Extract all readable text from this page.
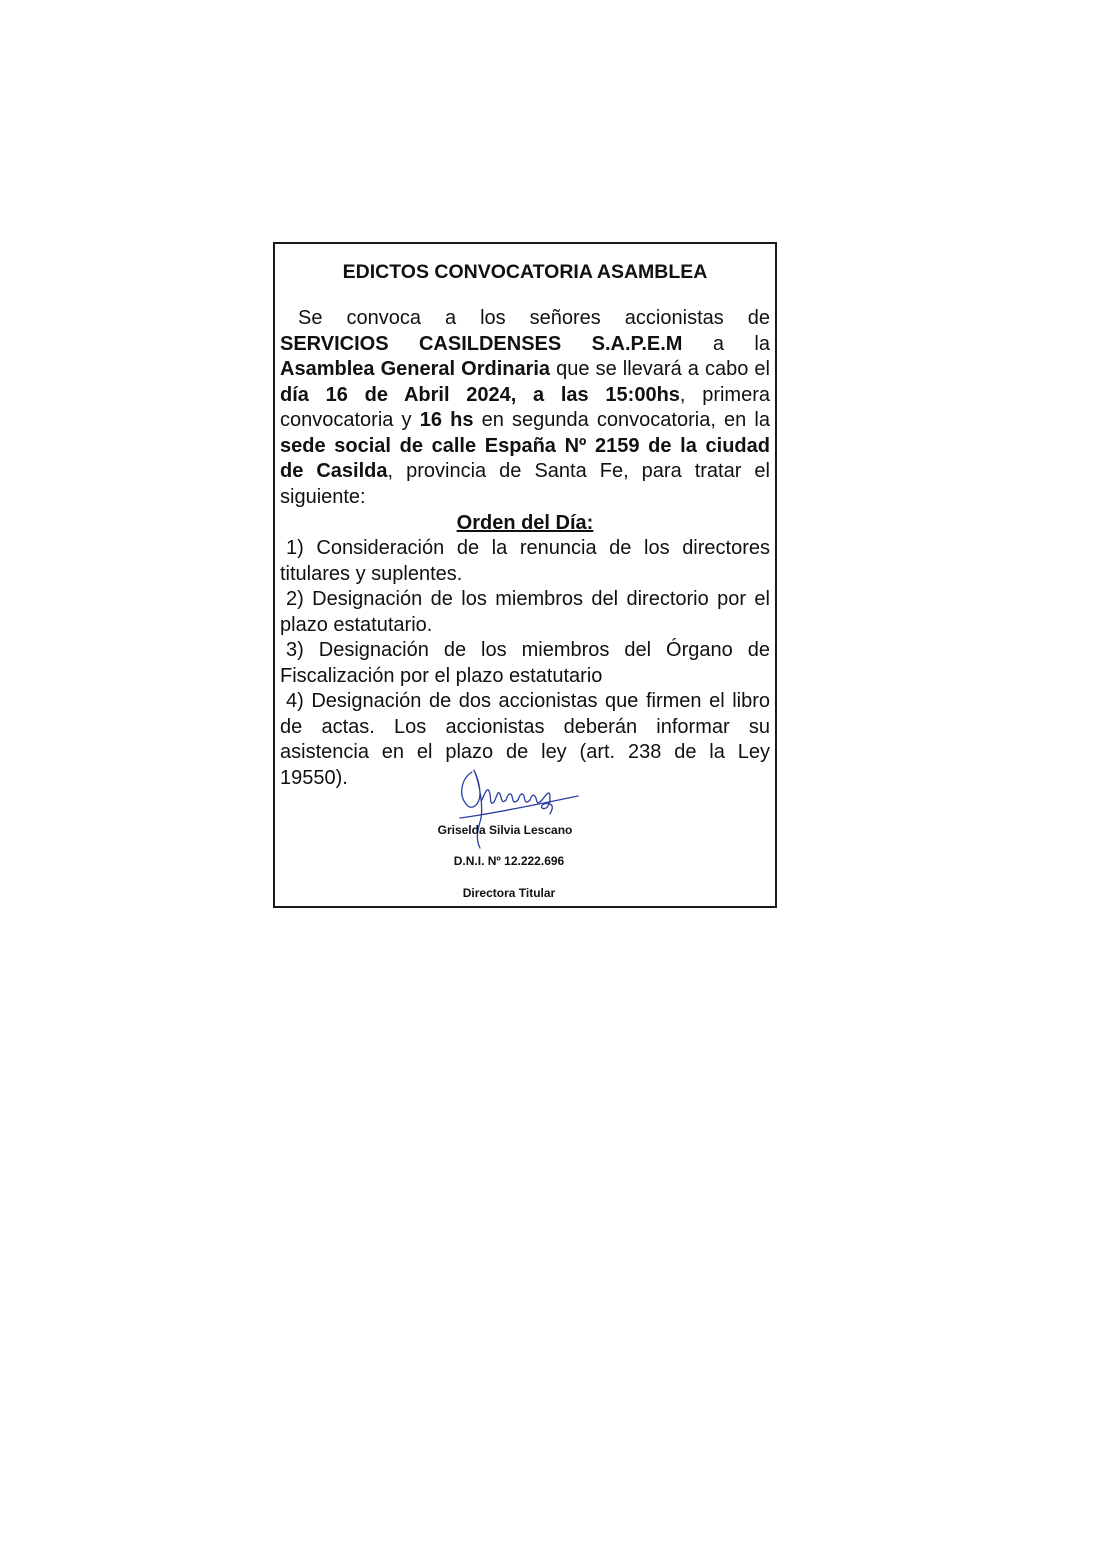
EDICTOS CONVOCATORIA ASAMBLEA

Se convoca a los señores accionistas de SERVICIOS CASILDENSES S.A.P.E.M a la Asamblea General Ordinaria que se llevará a cabo el día 16 de Abril 2024, a las 15:00hs, primera convocatoria y 16 hs en segunda convocatoria, en la sede social de calle España Nº 2159 de la ciudad de Casilda, provincia de Santa Fe, para tratar el siguiente:

Orden del Día:

1) Consideración de la renuncia de los directores titulares y suplentes.

2) Designación de los miembros del directorio por el plazo estatutario.

3) Designación de los miembros del Órgano de Fiscalización por el plazo estatutario

4) Designación de dos accionistas que firmen el libro de actas. Los accionistas deberán informar su asistencia en el plazo de ley (art. 238 de la Ley 19550).

Griselda Silvia Lescano

D.N.I. Nº 12.222.696

Directora Titular
